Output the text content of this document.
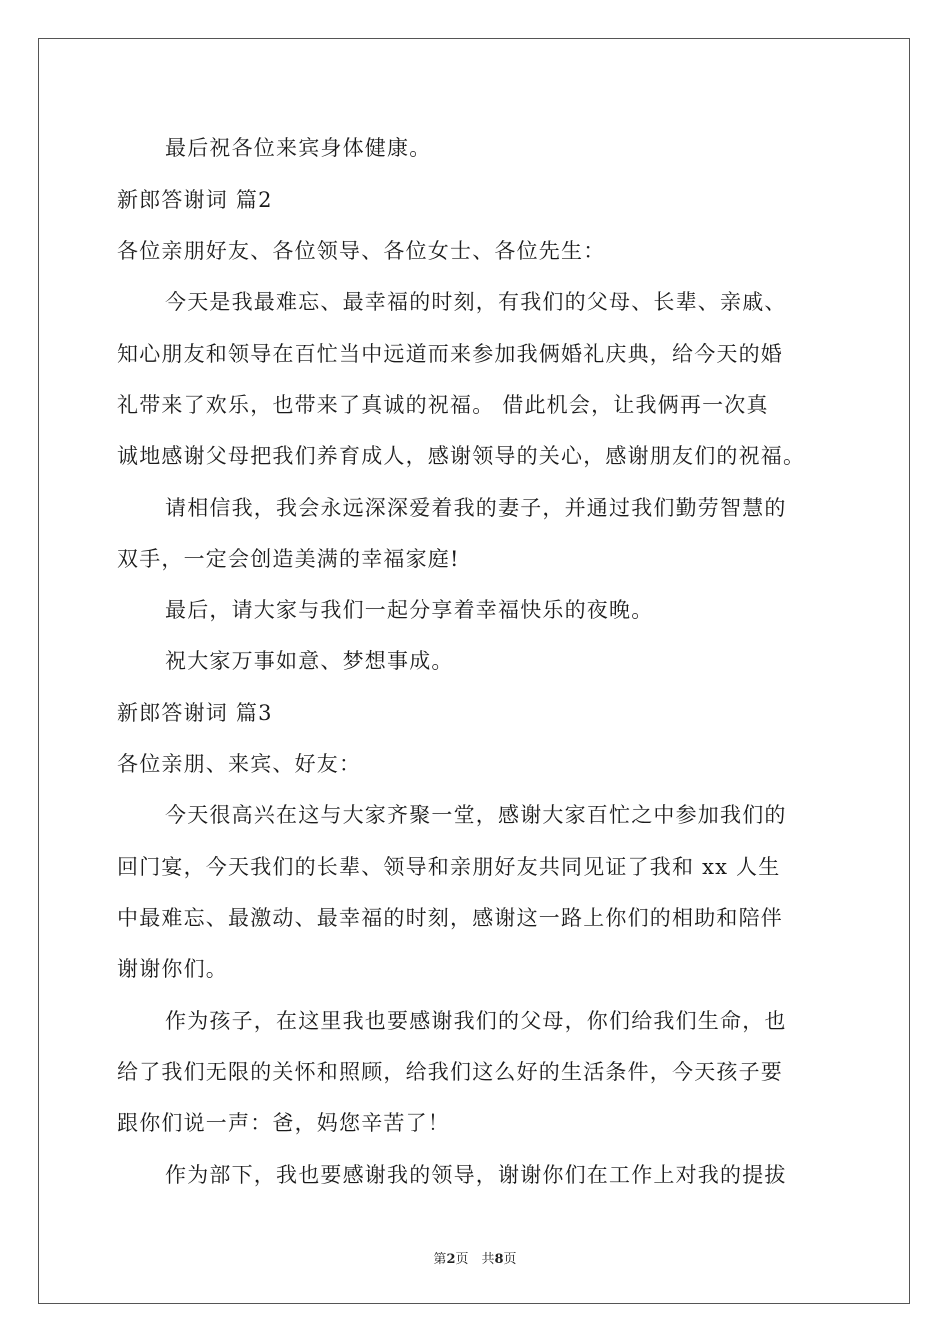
最后祝各位来宾身体健康。
新郎答谢词 篇2
各位亲朋好友、各位领导、各位女士、各位先生：
今天是我最难忘、最幸福的时刻，有我们的父母、长辈、亲戚、
知心朋友和领导在百忙当中远道而来参加我俩婚礼庆典，给今天的婚
礼带来了欢乐，也带来了真诚的祝福。 借此机会，让我俩再一次真
诚地感谢父母把我们养育成人，感谢领导的关心，感谢朋友们的祝福。
请相信我，我会永远深深爱着我的妻子，并通过我们勤劳智慧的
双手，一定会创造美满的幸福家庭!
最后，请大家与我们一起分享着幸福快乐的夜晚。
祝大家万事如意、梦想事成。
新郎答谢词 篇3
各位亲朋、来宾、好友：
今天很高兴在这与大家齐聚一堂，感谢大家百忙之中参加我们的
回门宴，今天我们的长辈、领导和亲朋好友共同见证了我和 xx 人生
中最难忘、最激动、最幸福的时刻，感谢这一路上你们的相助和陪伴
谢谢你们。
作为孩子，在这里我也要感谢我们的父母，你们给我们生命，也
给了我们无限的关怀和照顾，给我们这么好的生活条件，今天孩子要
跟你们说一声：爸，妈您辛苦了！
作为部下，我也要感谢我的领导，谢谢你们在工作上对我的提拔
第2页　共8页
